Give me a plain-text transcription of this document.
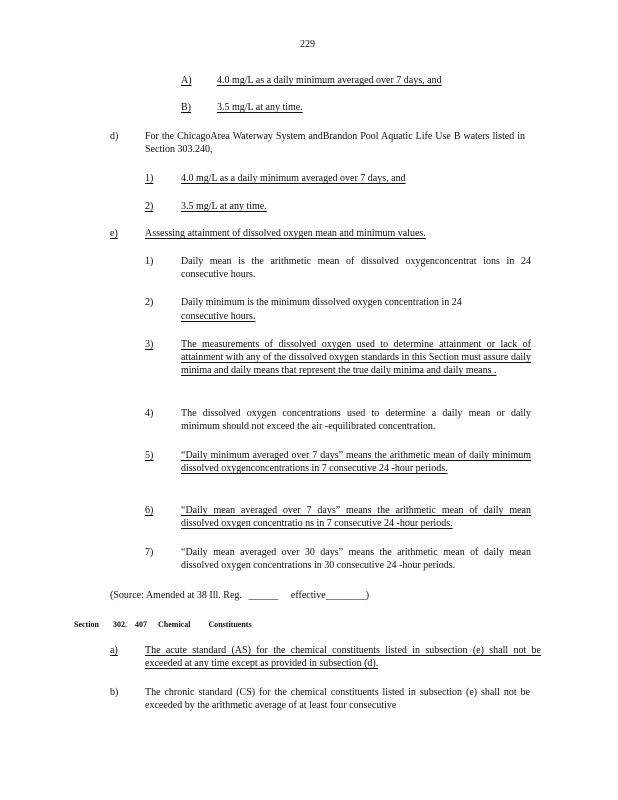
229
A)	4.0 mg/L as a daily minimum averaged over 7 days, and
B)	3.5 mg/L at any time.
d)	For the ChicagoArea Waterway System andBrandon Pool Aquatic Life Use B waters listed in Section 303.240,
1)	4.0 mg/L as a daily minimum averaged over 7 days, and
2)	3.5 mg/L at any time.
e)	Assessing attainment of dissolved oxygen mean and minimum values.
1)	Daily mean is the arithmetic mean of dissolved oxygenconcentrat ions in 24 consecutive hours.
2)	Daily minimum is the minimum dissolved oxygen concentration in 24
consecutive hours.
3)	The measurements of dissolved oxygen used to determine attainment or lack of attainment with any of the dissolved oxygen standards in this Section must assure daily minima and daily means that represent the true daily minima and daily means .
4)	The dissolved oxygen concentrations used to determine a daily mean or daily minimum should not exceed the air -equilibrated concentration.
5)	“Daily minimum averaged over 7 days” means the arithmetic mean of daily minimum dissolved oxygenconcentrations in 7 consecutive 24 -hour periods.
6)	“Daily mean averaged over 7 days” means the arithmetic mean of daily mean dissolved oxygen concentratio ns in 7 consecutive 24 -hour periods.
7)	“Daily mean averaged over 30 days” means the arithmetic mean of daily mean dissolved oxygen concentrations in 30 consecutive 24 -hour periods.
(Source: Amended at 38 Ill. Reg. ______ effective________)
Section 302. 407 Chemical Constituents
a)	The acute standard (AS) for the chemical constituents listed in subsection (e) shall not be exceeded at any time except as provided in subsection (d).
b)	The chronic standard (CS) for the chemical constituents listed in subsection (e) shall not be exceeded by the arithmetic average of at least four consecutive
